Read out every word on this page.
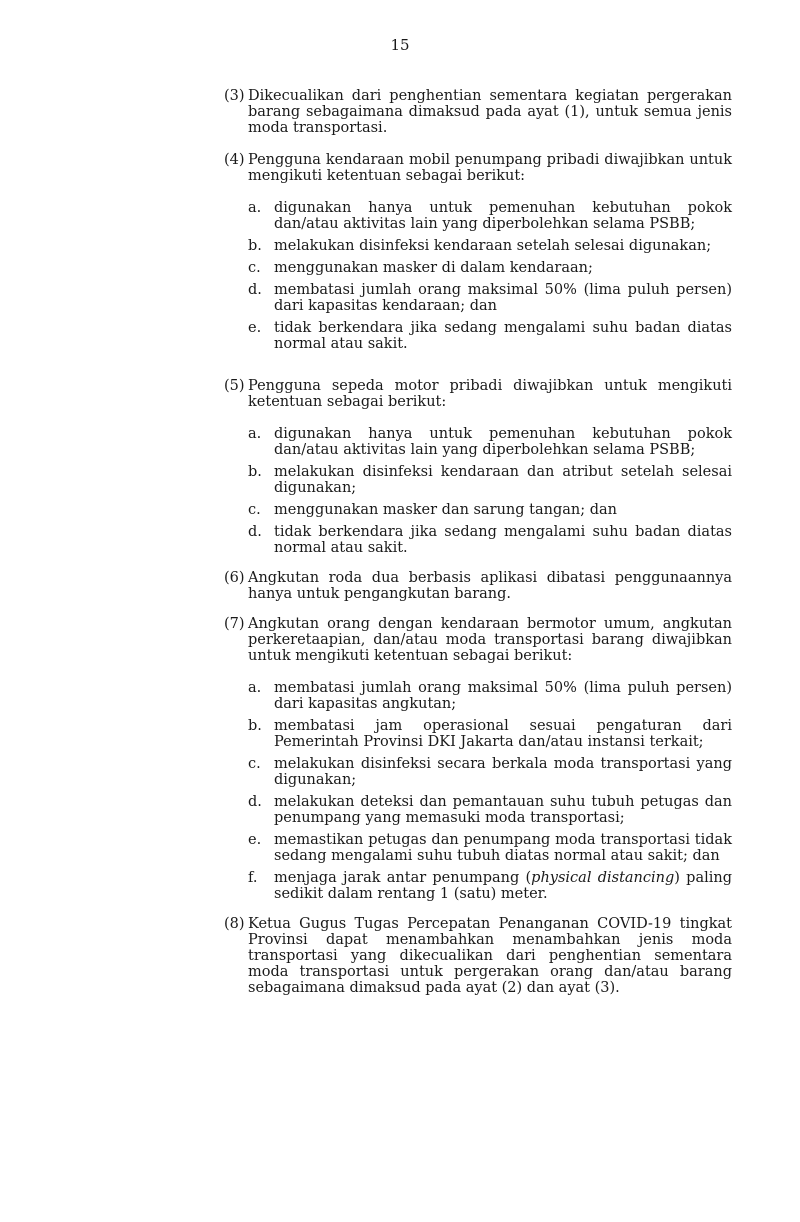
15
(3) Dikecualikan dari penghentian sementara kegiatan pergerakan barang sebagaimana dimaksud pada ayat (1), untuk semua jenis moda transportasi.
(4) Pengguna kendaraan mobil penumpang pribadi diwajibkan untuk mengikuti ketentuan sebagai berikut:
a. digunakan hanya untuk pemenuhan kebutuhan pokok dan/atau aktivitas lain yang diperbolehkan selama PSBB;
b. melakukan disinfeksi kendaraan setelah selesai digunakan;
c. menggunakan masker di dalam kendaraan;
d. membatasi jumlah orang maksimal 50% (lima puluh persen) dari kapasitas kendaraan; dan
e. tidak berkendara jika sedang mengalami suhu badan diatas normal atau sakit.
(5) Pengguna sepeda motor pribadi diwajibkan untuk mengikuti ketentuan sebagai berikut:
a. digunakan hanya untuk pemenuhan kebutuhan pokok dan/atau aktivitas lain yang diperbolehkan selama PSBB;
b. melakukan disinfeksi kendaraan dan atribut setelah selesai digunakan;
c. menggunakan masker dan sarung tangan; dan
d. tidak berkendara jika sedang mengalami suhu badan diatas normal atau sakit.
(6) Angkutan roda dua berbasis aplikasi dibatasi penggunaannya hanya untuk pengangkutan barang.
(7) Angkutan orang dengan kendaraan bermotor umum, angkutan perkeretaapian, dan/atau moda transportasi barang diwajibkan untuk mengikuti ketentuan sebagai berikut:
a. membatasi jumlah orang maksimal 50% (lima puluh persen) dari kapasitas angkutan;
b. membatasi jam operasional sesuai pengaturan dari Pemerintah Provinsi DKI Jakarta dan/atau instansi terkait;
c. melakukan disinfeksi secara berkala moda transportasi yang digunakan;
d. melakukan deteksi dan pemantauan suhu tubuh petugas dan penumpang yang memasuki moda transportasi;
e. memastikan petugas dan penumpang moda transportasi tidak sedang mengalami suhu tubuh diatas normal atau sakit; dan
f. menjaga jarak antar penumpang (physical distancing) paling sedikit dalam rentang 1 (satu) meter.
(8) Ketua Gugus Tugas Percepatan Penanganan COVID-19 tingkat Provinsi dapat menambahkan menambahkan jenis moda transportasi yang dikecualikan dari penghentian sementara moda transportasi untuk pergerakan orang dan/atau barang sebagaimana dimaksud pada ayat (2) dan ayat (3).
